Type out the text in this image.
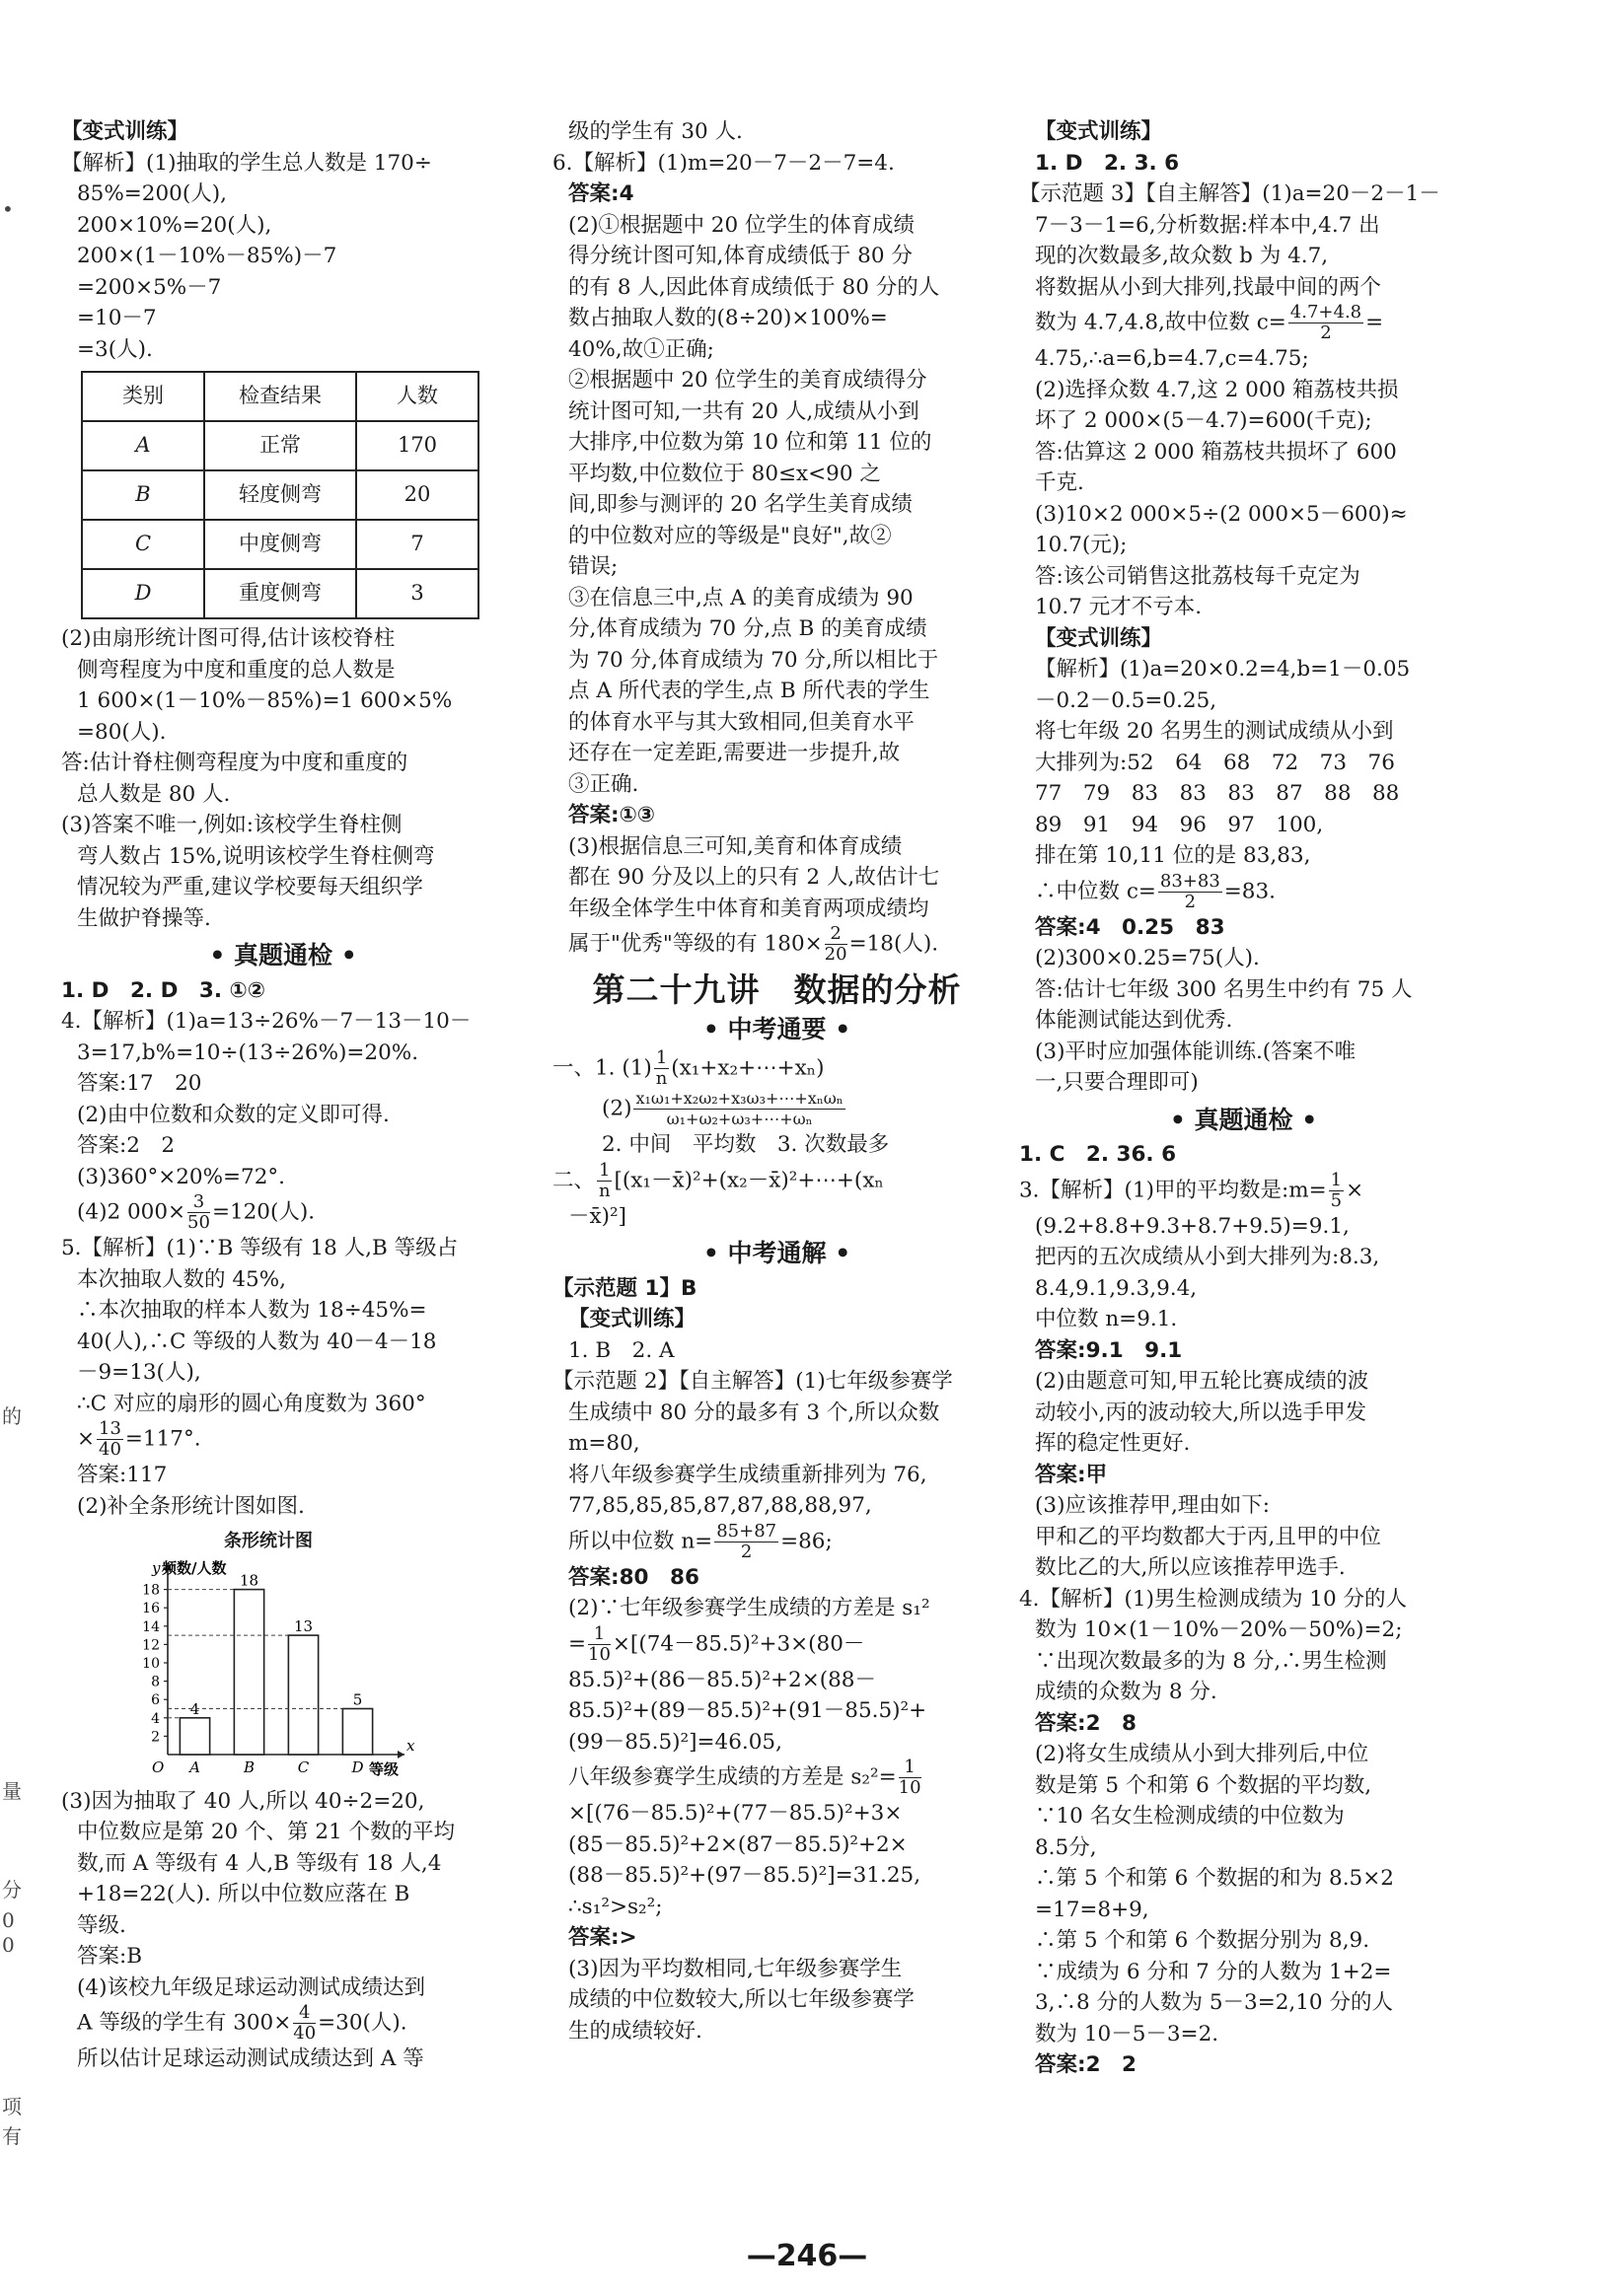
•
的
量
分
0
0
项
有

【变式训练】

【解析】(1)抽取的学生总人数是 170÷

85%=200(人),

200×10%=20(人),

200×(1－10%－85%)－7

=200×5%－7

=10－7

=3(人).

类别	检查结果	人数
A	正常	170
B	轻度侧弯	20
C	中度侧弯	7
D	重度侧弯	3

(2)由扇形统计图可得,估计该校脊柱

侧弯程度为中度和重度的总人数是

1 600×(1－10%－85%)=1 600×5%

=80(人).

答:估计脊柱侧弯程度为中度和重度的

总人数是 80 人.

(3)答案不唯一,例如:该校学生脊柱侧

弯人数占 15%,说明该校学生脊柱侧弯

情况较为严重,建议学校要每天组织学

生做护脊操等.

• 真题通检 •

1. D　2. D　3. ①②

4.【解析】(1)a=13÷26%－7－13－10－

3=17,b%=10÷(13÷26%)=20%.

答案:17　20

(2)由中位数和众数的定义即可得.

答案:2　2

(3)360°×20%=72°.

(4)2 $000\times \frac{3}{50} =120$(人).

5.【解析】(1)∵B 等级有 18 人,B 等级占

本次抽取人数的 45%,

∴本次抽取的样本人数为 18÷45%=

40(人),∴C 等级的人数为 40－4－18

－9=13(人),

∴C 对应的扇形的圆心角度数为 360°

× $\frac{13}{40} =117^\circ$.

答案:117

(2)补全条形统计图如图.

条形统计图
y 频数/人数
x
等级
O
2
4
6
8
10
12
14
16
18
4
A
18
B
13
C
5
D

(3)因为抽取了 40 人,所以 40÷2=20,

中位数应是第 20 个、第 21 个数的平均

数,而 A 等级有 4 人,B 等级有 18 人,4

+18=22(人). 所以中位数应落在 B

等级.

答案:B

(4)该校九年级足球运动测试成绩达到

A 等级的学生有 $300\times \frac{4}{40} =30$(人).

所以估计足球运动测试成绩达到 A 等

级的学生有 30 人.

6.【解析】(1)m=20－7－2－7=4.

答案:4

(2)①根据题中 20 位学生的体育成绩

得分统计图可知,体育成绩低于 80 分

的有 8 人,因此体育成绩低于 80 分的人

数占抽取人数的(8÷20)×100%=

40%,故①正确;

②根据题中 20 位学生的美育成绩得分

统计图可知,一共有 20 人,成绩从小到

大排序,中位数为第 10 位和第 11 位的

平均数,中位数位于 80≤x<90 之

间,即参与测评的 20 名学生美育成绩

的中位数对应的等级是"良好",故②

错误;

③在信息三中,点 A 的美育成绩为 90

分,体育成绩为 70 分,点 B 的美育成绩

为 70 分,体育成绩为 70 分,所以相比于

点 A 所代表的学生,点 B 所代表的学生

的体育水平与其大致相同,但美育水平

还存在一定差距,需要进一步提升,故

③正确.

答案:①③

(3)根据信息三可知,美育和体育成绩

都在 90 分及以上的只有 2 人,故估计七

年级全体学生中体育和美育两项成绩均

属于"优秀"等级的有 $180\times \frac{2}{20} =18$(人).

第二十九讲　数据的分析
• 中考通要 •

一、1. $(1) \frac{1}{n}$ (x₁+x₂+⋯+xₙ)

$(2) \frac{\text{x₁ω₁+x₂ω₂+x₃ω₃+⋯+xₙωₙ}}{\text{ω₁+ω₂+ω₃+⋯+ωₙ}}$

2. 中间　平均数　3. 次数最多

二、 $\frac{1}{n}$ [(x₁－x̄)²+(x₂－x̄)²+⋯+(xₙ

－x̄)²]

• 中考通解 •

【示范题 1】B

【变式训练】

1. B　2. A

【示范题 2】【自主解答】(1)七年级参赛学

生成绩中 80 分的最多有 3 个,所以众数

m=80,

将八年级参赛学生成绩重新排列为 76,

77,85,85,85,87,87,88,88,97,

所以中位数 $n= \frac{85+87}{2} =86$;

答案:80　86

(2)∵七年级参赛学生成绩的方差是 s₁²

= $\frac{1}{10} \times[(74-85.5)^2+3\times(80-$

85.5)²+(86－85.5)²+2×(88－

85.5)²+(89－85.5)²+(91－85.5)²+

(99－85.5)²]=46.05,

八年级参赛学生成绩的方差是 $s_2^2= \frac{1}{10}$

×[(76－85.5)²+(77－85.5)²+3×

(85－85.5)²+2×(87－85.5)²+2×

(88－85.5)²+(97－85.5)²]=31.25,

∴s₁²>s₂²;

答案:>

(3)因为平均数相同,七年级参赛学生

成绩的中位数较大,所以七年级参赛学

生的成绩较好.

【变式训练】

1. D　2. 3. 6

【示范题 3】【自主解答】(1)a=20－2－1－

7－3－1=6,分析数据:样本中,4.7 出

现的次数最多,故众数 b 为 4.7,

将数据从小到大排列,找最中间的两个

数为 4.7,4.8,故中位数 $c= \frac{4.7+4.8}{2}$ =

4.75,∴a=6,b=4.7,c=4.75;

(2)选择众数 4.7,这 2 000 箱荔枝共损

坏了 2 000×(5－4.7)=600(千克);

答:估算这 2 000 箱荔枝共损坏了 600

千克.

(3)10×2 000×5÷(2 000×5－600)≈

10.7(元);

答:该公司销售这批荔枝每千克定为

10.7 元才不亏本.

【变式训练】

【解析】(1)a=20×0.2=4,b=1－0.05

－0.2－0.5=0.25,

将七年级 20 名男生的测试成绩从小到

大排列为:52　64　68　72　73　76

77　79　83　83　83　87　88　88

89　91　94　96　97　100,

排在第 10,11 位的是 83,83,

∴中位数 $c= \frac{83+83}{2} =83$.

答案:4　0.25　83

(2)300×0.25=75(人).

答:估计七年级 300 名男生中约有 75 人

体能测试能达到优秀.

(3)平时应加强体能训练.(答案不唯

一,只要合理即可)

• 真题通检 •

1. C　2. 36. 6

3.【解析】(1)甲的平均数是:m= $\frac{1}{5}$ ×

(9.2+8.8+9.3+8.7+9.5)=9.1,

把丙的五次成绩从小到大排列为:8.3,

8.4,9.1,9.3,9.4,

中位数 n=9.1.

答案:9.1　9.1

(2)由题意可知,甲五轮比赛成绩的波

动较小,丙的波动较大,所以选手甲发

挥的稳定性更好.

答案:甲

(3)应该推荐甲,理由如下:

甲和乙的平均数都大于丙,且甲的中位

数比乙的大,所以应该推荐甲选手.

4.【解析】(1)男生检测成绩为 10 分的人

数为 10×(1－10%－20%－50%)=2;

∵出现次数最多的为 8 分,∴男生检测

成绩的众数为 8 分.

答案:2　8

(2)将女生成绩从小到大排列后,中位

数是第 5 个和第 6 个数据的平均数,

∵10 名女生检测成绩的中位数为

8.5分,

∴第 5 个和第 6 个数据的和为 8.5×2

=17=8+9,

∴第 5 个和第 6 个数据分别为 8,9.

∵成绩为 6 分和 7 分的人数为 1+2=

3,∴8 分的人数为 5－3=2,10 分的人

数为 10－5－3=2.

答案:2　2

—246—
